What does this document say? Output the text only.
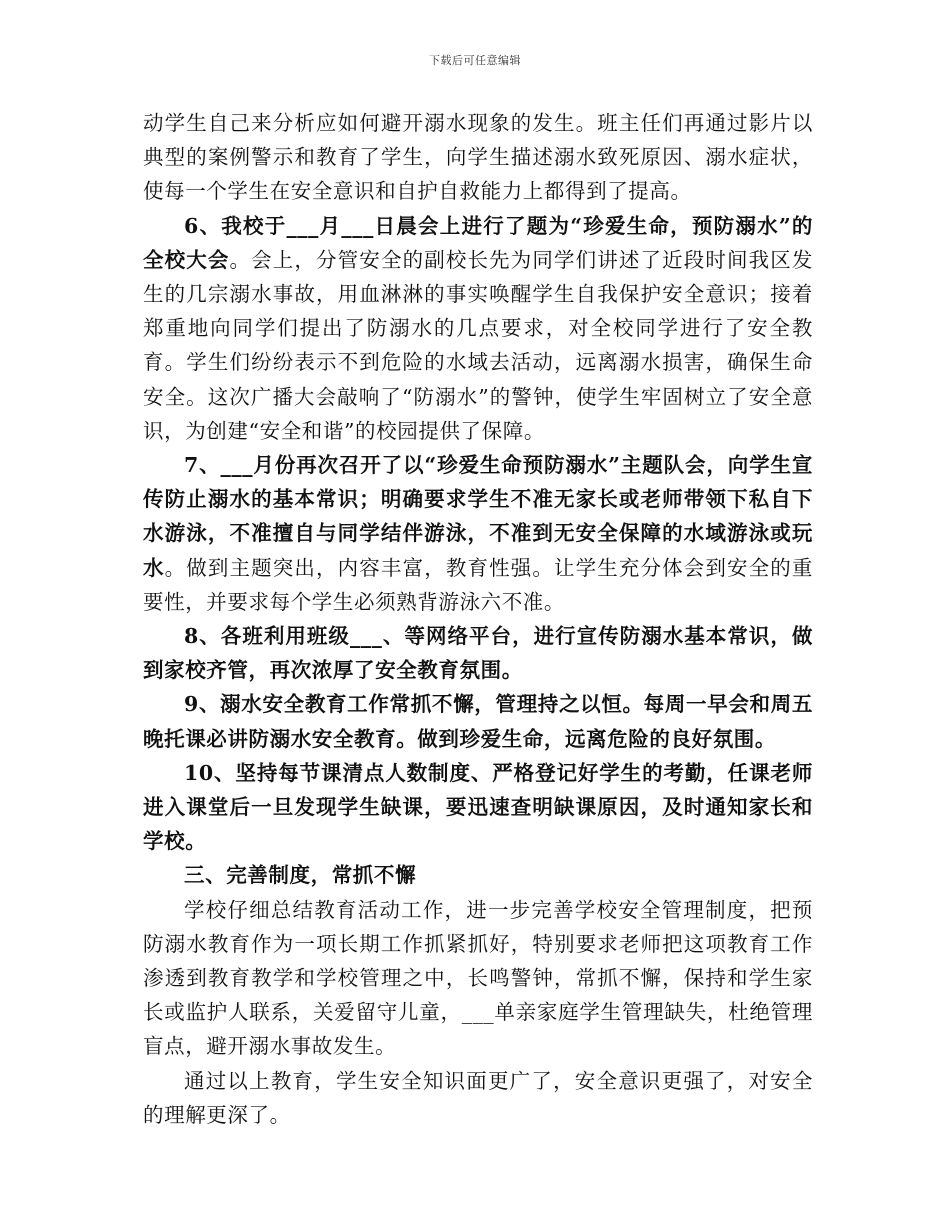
下载后可任意编辑

动学生自己来分析应如何避开溺水现象的发生。班主任们再通过影片以典型的案例警示和教育了学生，向学生描述溺水致死原因、溺水症状，使每一个学生在安全意识和自护自救能力上都得到了提高。

6、我校于___月___日晨会上进行了题为“珍爱生命，预防溺水”的全校大会。会上，分管安全的副校长先为同学们讲述了近段时间我区发生的几宗溺水事故，用血淋淋的事实唤醒学生自我保护安全意识；接着郑重地向同学们提出了防溺水的几点要求，对全校同学进行了安全教育。学生们纷纷表示不到危险的水域去活动，远离溺水损害，确保生命安全。这次广播大会敲响了“防溺水”的警钟，使学生牢固树立了安全意识，为创建“安全和谐”的校园提供了保障。

7、___月份再次召开了以“珍爱生命预防溺水”主题队会，向学生宣传防止溺水的基本常识；明确要求学生不准无家长或老师带领下私自下水游泳，不准擅自与同学结伴游泳，不准到无安全保障的水域游泳或玩水。做到主题突出，内容丰富，教育性强。让学生充分体会到安全的重要性，并要求每个学生必须熟背游泳六不准。

8、各班利用班级___、等网络平台，进行宣传防溺水基本常识，做到家校齐管，再次浓厚了安全教育氛围。

9、溺水安全教育工作常抓不懈，管理持之以恒。每周一早会和周五晚托课必讲防溺水安全教育。做到珍爱生命，远离危险的良好氛围。

10、坚持每节课清点人数制度、严格登记好学生的考勤，任课老师进入课堂后一旦发现学生缺课，要迅速查明缺课原因，及时通知家长和学校。

三、完善制度，常抓不懈

学校仔细总结教育活动工作，进一步完善学校安全管理制度，把预防溺水教育作为一项长期工作抓紧抓好，特别要求老师把这项教育工作渗透到教育教学和学校管理之中，长鸣警钟，常抓不懈，保持和学生家长或监护人联系，关爱留守儿童，___单亲家庭学生管理缺失，杜绝管理盲点，避开溺水事故发生。

通过以上教育，学生安全知识面更广了，安全意识更强了，对安全的理解更深了。
